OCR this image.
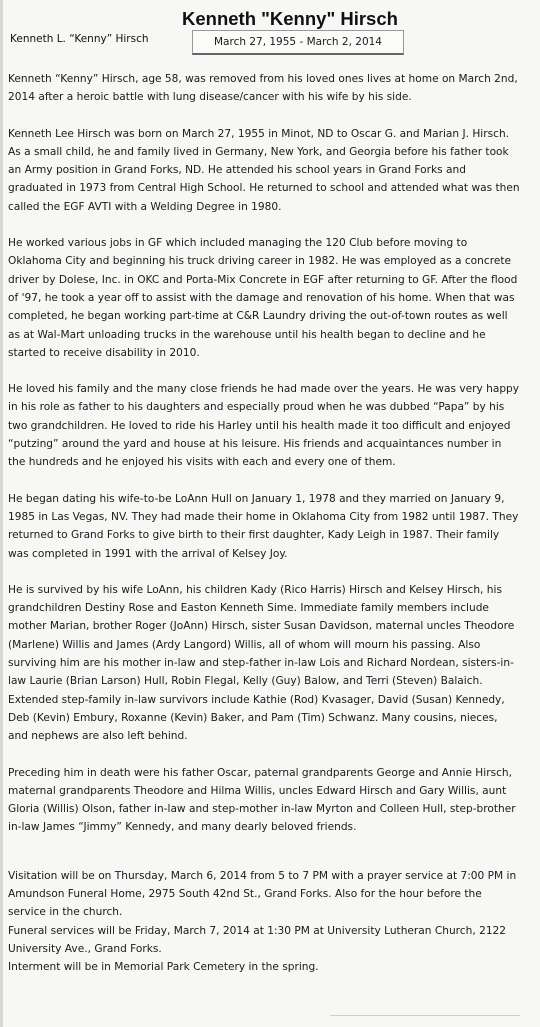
Kenneth L. “Kenny” Hirsch
Kenneth "Kenny" Hirsch
March 27, 1955 - March 2, 2014

Kenneth “Kenny” Hirsch, age 58, was removed from his loved ones lives at home on March 2nd, 2014 after a heroic battle with lung disease/cancer with his wife by his side.

Kenneth Lee Hirsch was born on March 27, 1955 in Minot, ND to Oscar G. and Marian J. Hirsch. As a small child, he and family lived in Germany, New York, and Georgia before his father took an Army position in Grand Forks, ND. He attended his school years in Grand Forks and graduated in 1973 from Central High School. He returned to school and attended what was then called the EGF AVTI with a Welding Degree in 1980.

He worked various jobs in GF which included managing the 120 Club before moving to Oklahoma City and beginning his truck driving career in 1982. He was employed as a concrete driver by Dolese, Inc. in OKC and Porta-Mix Concrete in EGF after returning to GF. After the flood of '97, he took a year off to assist with the damage and renovation of his home. When that was completed, he began working part-time at C&R Laundry driving the out-of-town routes as well as at Wal-Mart unloading trucks in the warehouse until his health began to decline and he started to receive disability in 2010.

He loved his family and the many close friends he had made over the years. He was very happy in his role as father to his daughters and especially proud when he was dubbed “Papa” by his two grandchildren. He loved to ride his Harley until his health made it too difficult and enjoyed “putzing” around the yard and house at his leisure. His friends and acquaintances number in the hundreds and he enjoyed his visits with each and every one of them.

He began dating his wife-to-be LoAnn Hull on January 1, 1978 and they married on January 9, 1985 in Las Vegas, NV. They had made their home in Oklahoma City from 1982 until 1987. They returned to Grand Forks to give birth to their first daughter, Kady Leigh in 1987. Their family was completed in 1991 with the arrival of Kelsey Joy.

He is survived by his wife LoAnn, his children Kady (Rico Harris) Hirsch and Kelsey Hirsch, his grandchildren Destiny Rose and Easton Kenneth Sime. Immediate family members include mother Marian, brother Roger (JoAnn) Hirsch, sister Susan Davidson, maternal uncles Theodore (Marlene) Willis and James (Ardy Langord) Willis, all of whom will mourn his passing. Also surviving him are his mother in-law and step-father in-law Lois and Richard Nordean, sisters-in-law Laurie (Brian Larson) Hull, Robin Flegal, Kelly (Guy) Balow, and Terri (Steven) Balaich. Extended step-family in-law survivors include Kathie (Rod) Kvasager, David (Susan) Kennedy, Deb (Kevin) Embury, Roxanne (Kevin) Baker, and Pam (Tim) Schwanz. Many cousins, nieces, and nephews are also left behind.

Preceding him in death were his father Oscar, paternal grandparents George and Annie Hirsch, maternal grandparents Theodore and Hilma Willis, uncles Edward Hirsch and Gary Willis, aunt Gloria (Willis) Olson, father in-law and step-mother in-law Myrton and Colleen Hull, step-brother in-law James “Jimmy” Kennedy, and many dearly beloved friends.

Visitation will be on Thursday, March 6, 2014 from 5 to 7 PM with a prayer service at 7:00 PM in Amundson Funeral Home, 2975 South 42nd St., Grand Forks. Also for the hour before the service in the church.

Funeral services will be Friday, March 7, 2014 at 1:30 PM at University Lutheran Church, 2122 University Ave., Grand Forks.

Interment will be in Memorial Park Cemetery in the spring.
